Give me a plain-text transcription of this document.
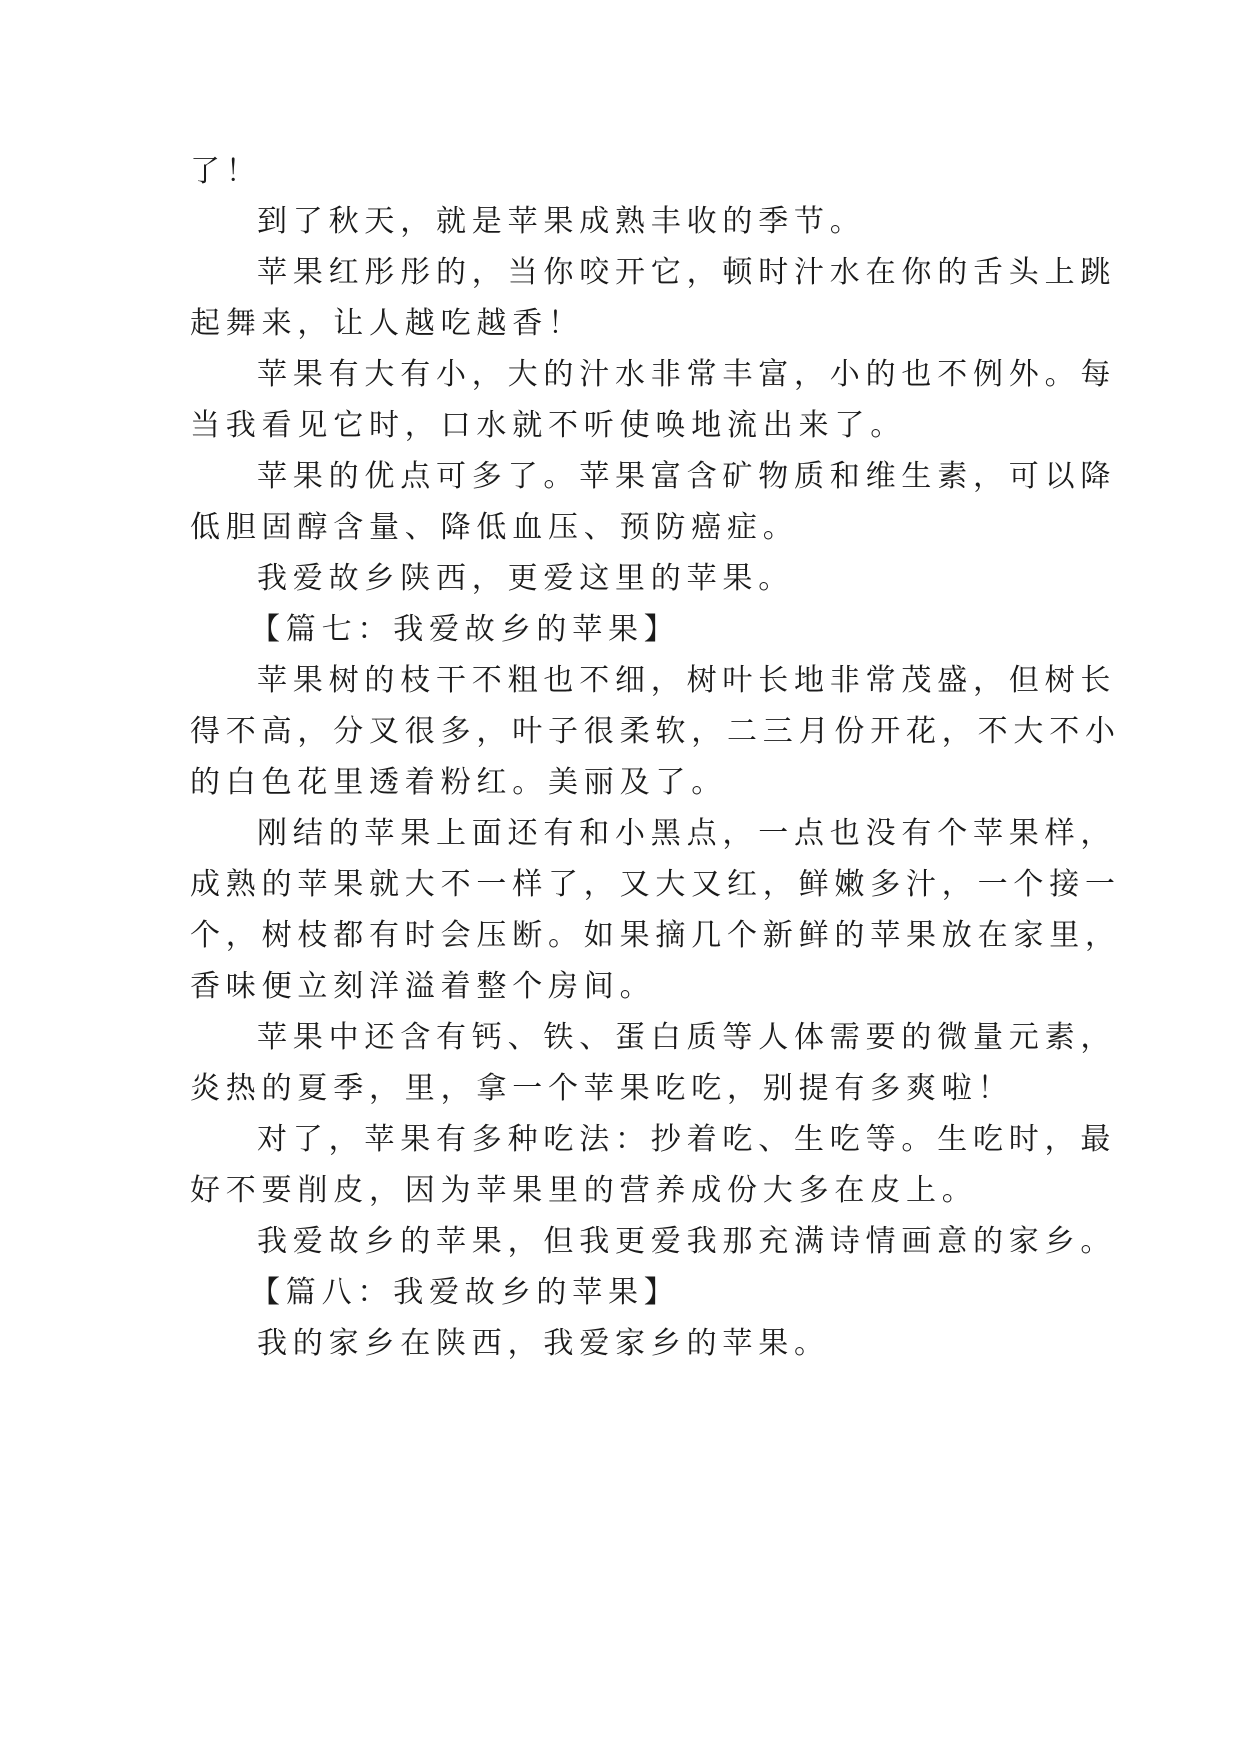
了！
到了秋天，就是苹果成熟丰收的季节。
苹果红彤彤的，当你咬开它，顿时汁水在你的舌头上跳
起舞来，让人越吃越香！
苹果有大有小，大的汁水非常丰富，小的也不例外。每
当我看见它时，口水就不听使唤地流出来了。
苹果的优点可多了。苹果富含矿物质和维生素，可以降
低胆固醇含量、降低血压、预防癌症。
我爱故乡陕西，更爱这里的苹果。
【篇七：我爱故乡的苹果】
苹果树的枝干不粗也不细，树叶长地非常茂盛，但树长
得不高，分叉很多，叶子很柔软，二三月份开花，不大不小
的白色花里透着粉红。美丽及了。
刚结的苹果上面还有和小黑点，一点也没有个苹果样，
成熟的苹果就大不一样了，又大又红，鲜嫩多汁，一个接一
个，树枝都有时会压断。如果摘几个新鲜的苹果放在家里，
香味便立刻洋溢着整个房间。
苹果中还含有钙、铁、蛋白质等人体需要的微量元素，
炎热的夏季，里，拿一个苹果吃吃，别提有多爽啦！
对了，苹果有多种吃法：抄着吃、生吃等。生吃时，最
好不要削皮，因为苹果里的营养成份大多在皮上。
我爱故乡的苹果，但我更爱我那充满诗情画意的家乡。
【篇八：我爱故乡的苹果】
我的家乡在陕西，我爱家乡的苹果。
